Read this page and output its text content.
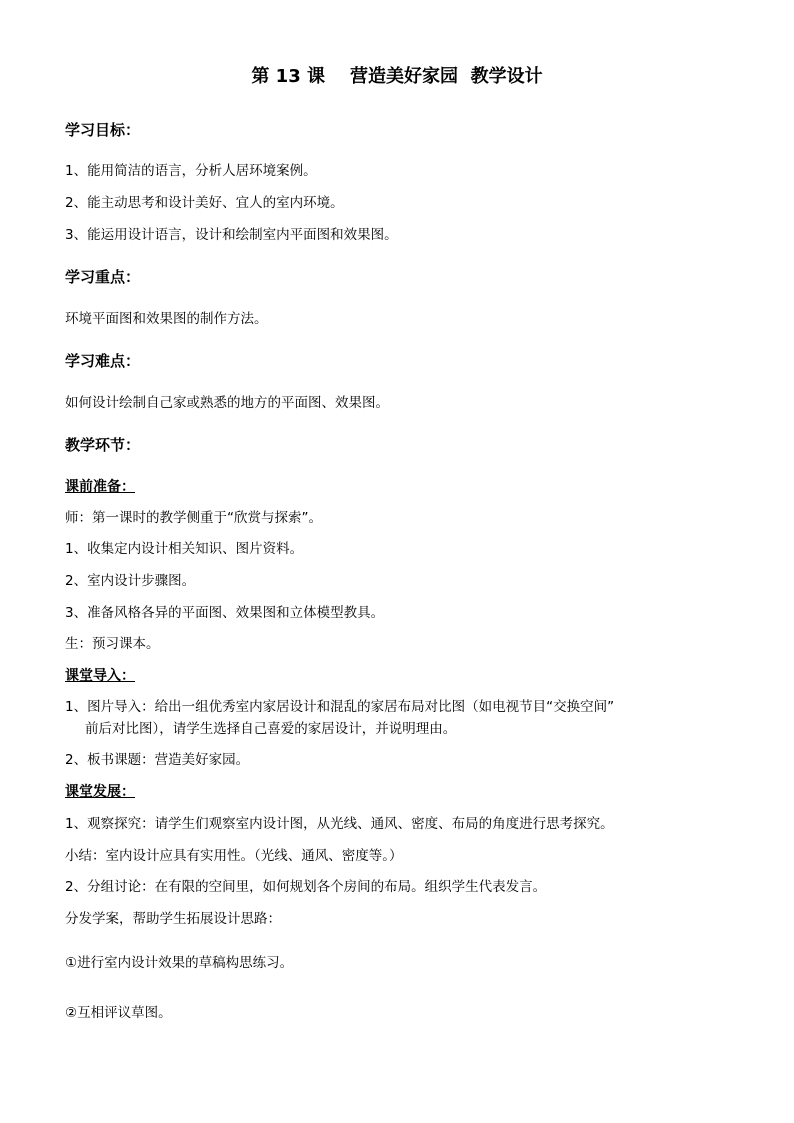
第 13 课    营造美好家园  教学设计
学习目标：
1、能用简洁的语言，分析人居环境案例。
2、能主动思考和设计美好、宜人的室内环境。
3、能运用设计语言，设计和绘制室内平面图和效果图。
学习重点：
环境平面图和效果图的制作方法。
学习难点：
如何设计绘制自己家或熟悉的地方的平面图、效果图。
教学环节：
课前准备：
师：第一课时的教学侧重于“欣赏与探索”。
1、收集定内设计相关知识、图片资料。
2、室内设计步骤图。
3、准备风格各异的平面图、效果图和立体模型教具。
生：预习课本。
课堂导入：
1、图片导入：给出一组优秀室内家居设计和混乱的家居布局对比图（如电视节目“交换空间”
前后对比图），请学生选择自己喜爱的家居设计，并说明理由。
2、板书课题：营造美好家园。
课堂发展：
1、观察探究：请学生们观察室内设计图，从光线、通风、密度、布局的角度进行思考探究。
小结：室内设计应具有实用性。（光线、通风、密度等。）
2、分组讨论：在有限的空间里，如何规划各个房间的布局。组织学生代表发言。
分发学案，帮助学生拓展设计思路：
①进行室内设计效果的草稿构思练习。
②互相评议草图。
